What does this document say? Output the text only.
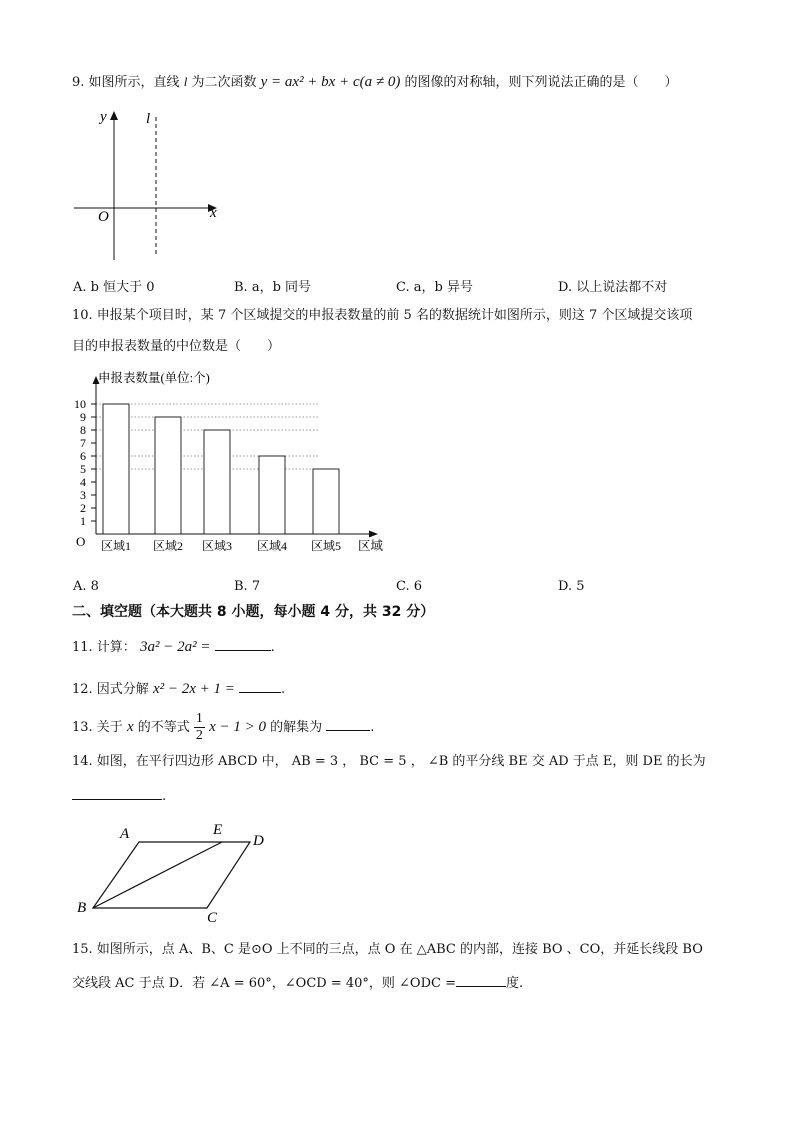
9. 如图所示，直线 l 为二次函数 y = ax² + bx + c(a ≠ 0) 的图像的对称轴，则下列说法正确的是（　　）
y	l
O	x
A. b 恒大于 0	B. a，b 同号	C. a，b 异号	D. 以上说法都不对
10. 申报某个项目时，某 7 个区域提交的申报表数量的前 5 名的数据统计如图所示，则这 7 个区域提交该项
目的申报表数量的中位数是（　　）
1
2
3
4
5
6
7
8
9
10
申报表数量(单位:个)
O	区域
区域1 区域2 区域3 区域4 区域5
A. 8	B. 7	C. 6	D. 5
二、填空题（本大题共 8 小题，每小题 4 分，共 32 分）
11. 计算： 3a² − 2a² =	.
12. 因式分解 x² − 2x + 1 =	.
13. 关于 x 的不等式 $\frac{1}{2}$ x − 1 > 0 的解集为	.
14. 如图，在平行四边形 ABCD 中， AB = 3 ， BC = 5 ， ∠B 的平分线 BE 交 AD 于点 E，则 DE 的长为
.
A	E
D
B
C
15. 如图所示，点 A、B、C 是⊙O 上不同的三点，点 O 在 △ABC 的内部，连接 BO 、CO，并延长线段 BO
交线段 AC 于点 D．若 ∠A = 60°，∠OCD = 40°，则 ∠ODC =	度.
